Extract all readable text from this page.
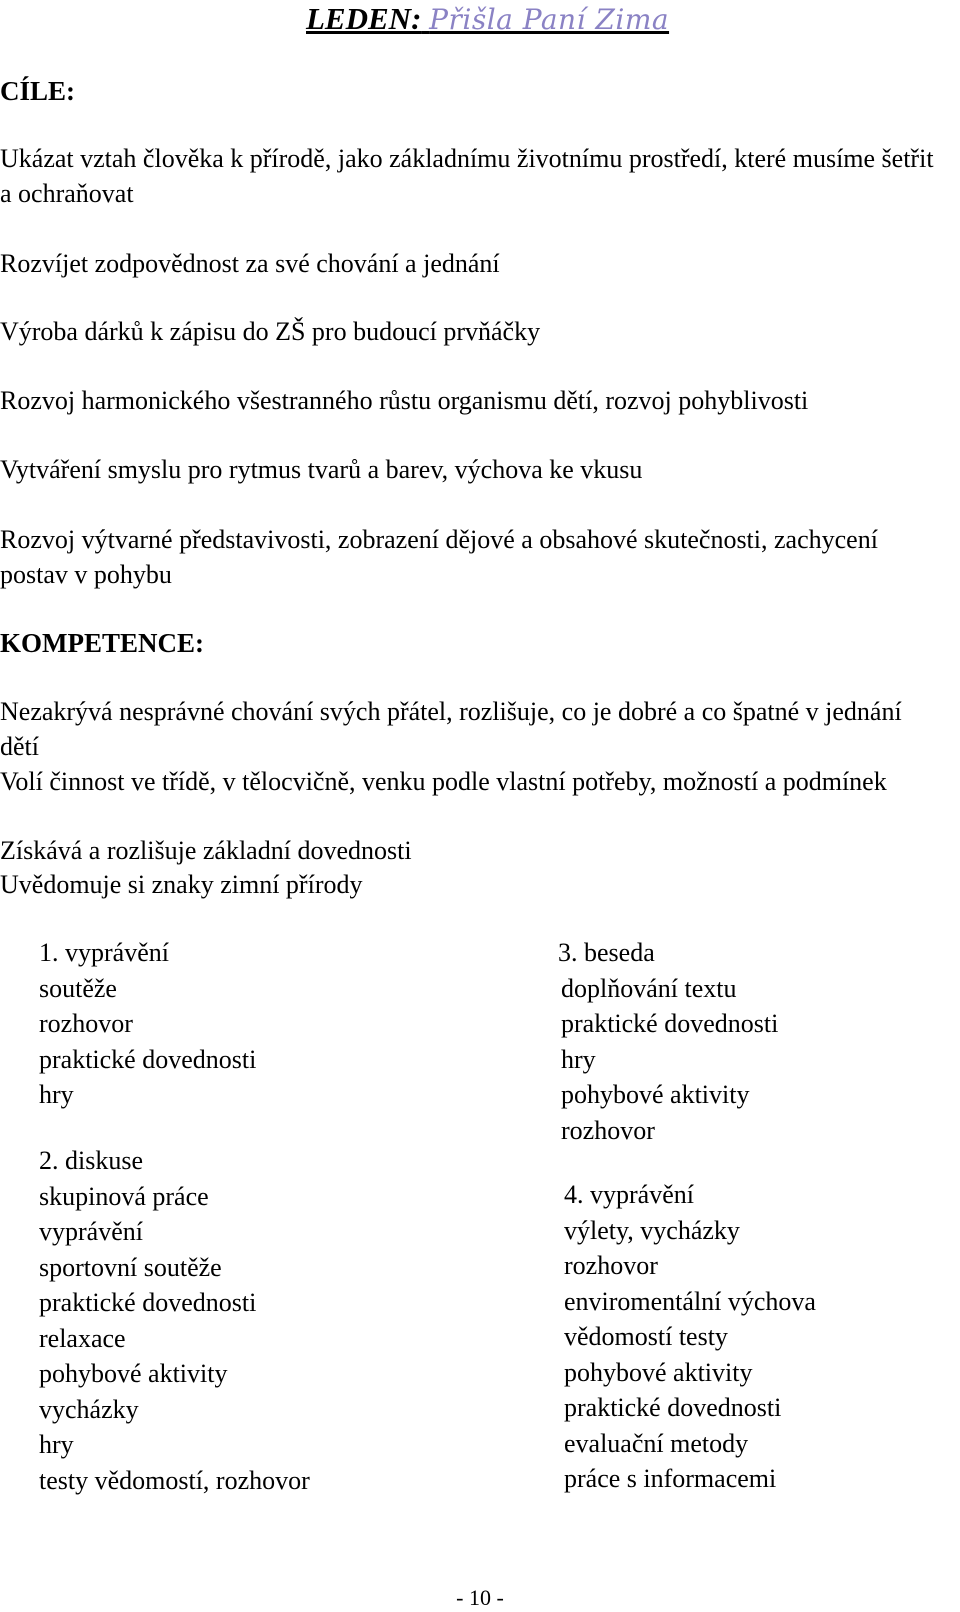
LEDEN: Přišla Paní Zima
CÍLE:

Ukázat vztah člověka k přírodě, jako základnímu životnímu prostředí, které musíme šetřit a ochraňovat

Rozvíjet zodpovědnost za své chování a jednání

Výroba dárků k zápisu do ZŠ pro budoucí prvňáčky

Rozvoj harmonického všestranného růstu organismu dětí, rozvoj pohyblivosti

Vytváření smyslu pro rytmus tvarů a barev, výchova ke vkusu

Rozvoj výtvarné představivosti, zobrazení dějové a obsahové skutečnosti, zachycení postav v pohybu

KOMPETENCE:

Nezakrývá nesprávné chování svých přátel, rozlišuje, co je dobré a co špatné v jednání dětí

Volí činnost ve třídě, v tělocvičně, venku podle vlastní potřeby, možností a podmínek

Získává a rozlišuje základní dovednosti

Uvědomuje si znaky zimní přírody

1. vyprávění
soutěže
rozhovor
praktické dovednosti
hry
2. diskuse
skupinová práce
vyprávění
sportovní soutěže
praktické dovednosti
relaxace
pohybové aktivity
vycházky
hry
testy vědomostí, rozhovor
3. beseda
doplňování textu
praktické dovednosti
hry
pohybové aktivity
rozhovor
4. vyprávění
výlety, vycházky
rozhovor
enviromentální výchova
vědomostí testy
pohybové aktivity
praktické dovednosti
evaluační metody
práce s informacemi

- 10 -
